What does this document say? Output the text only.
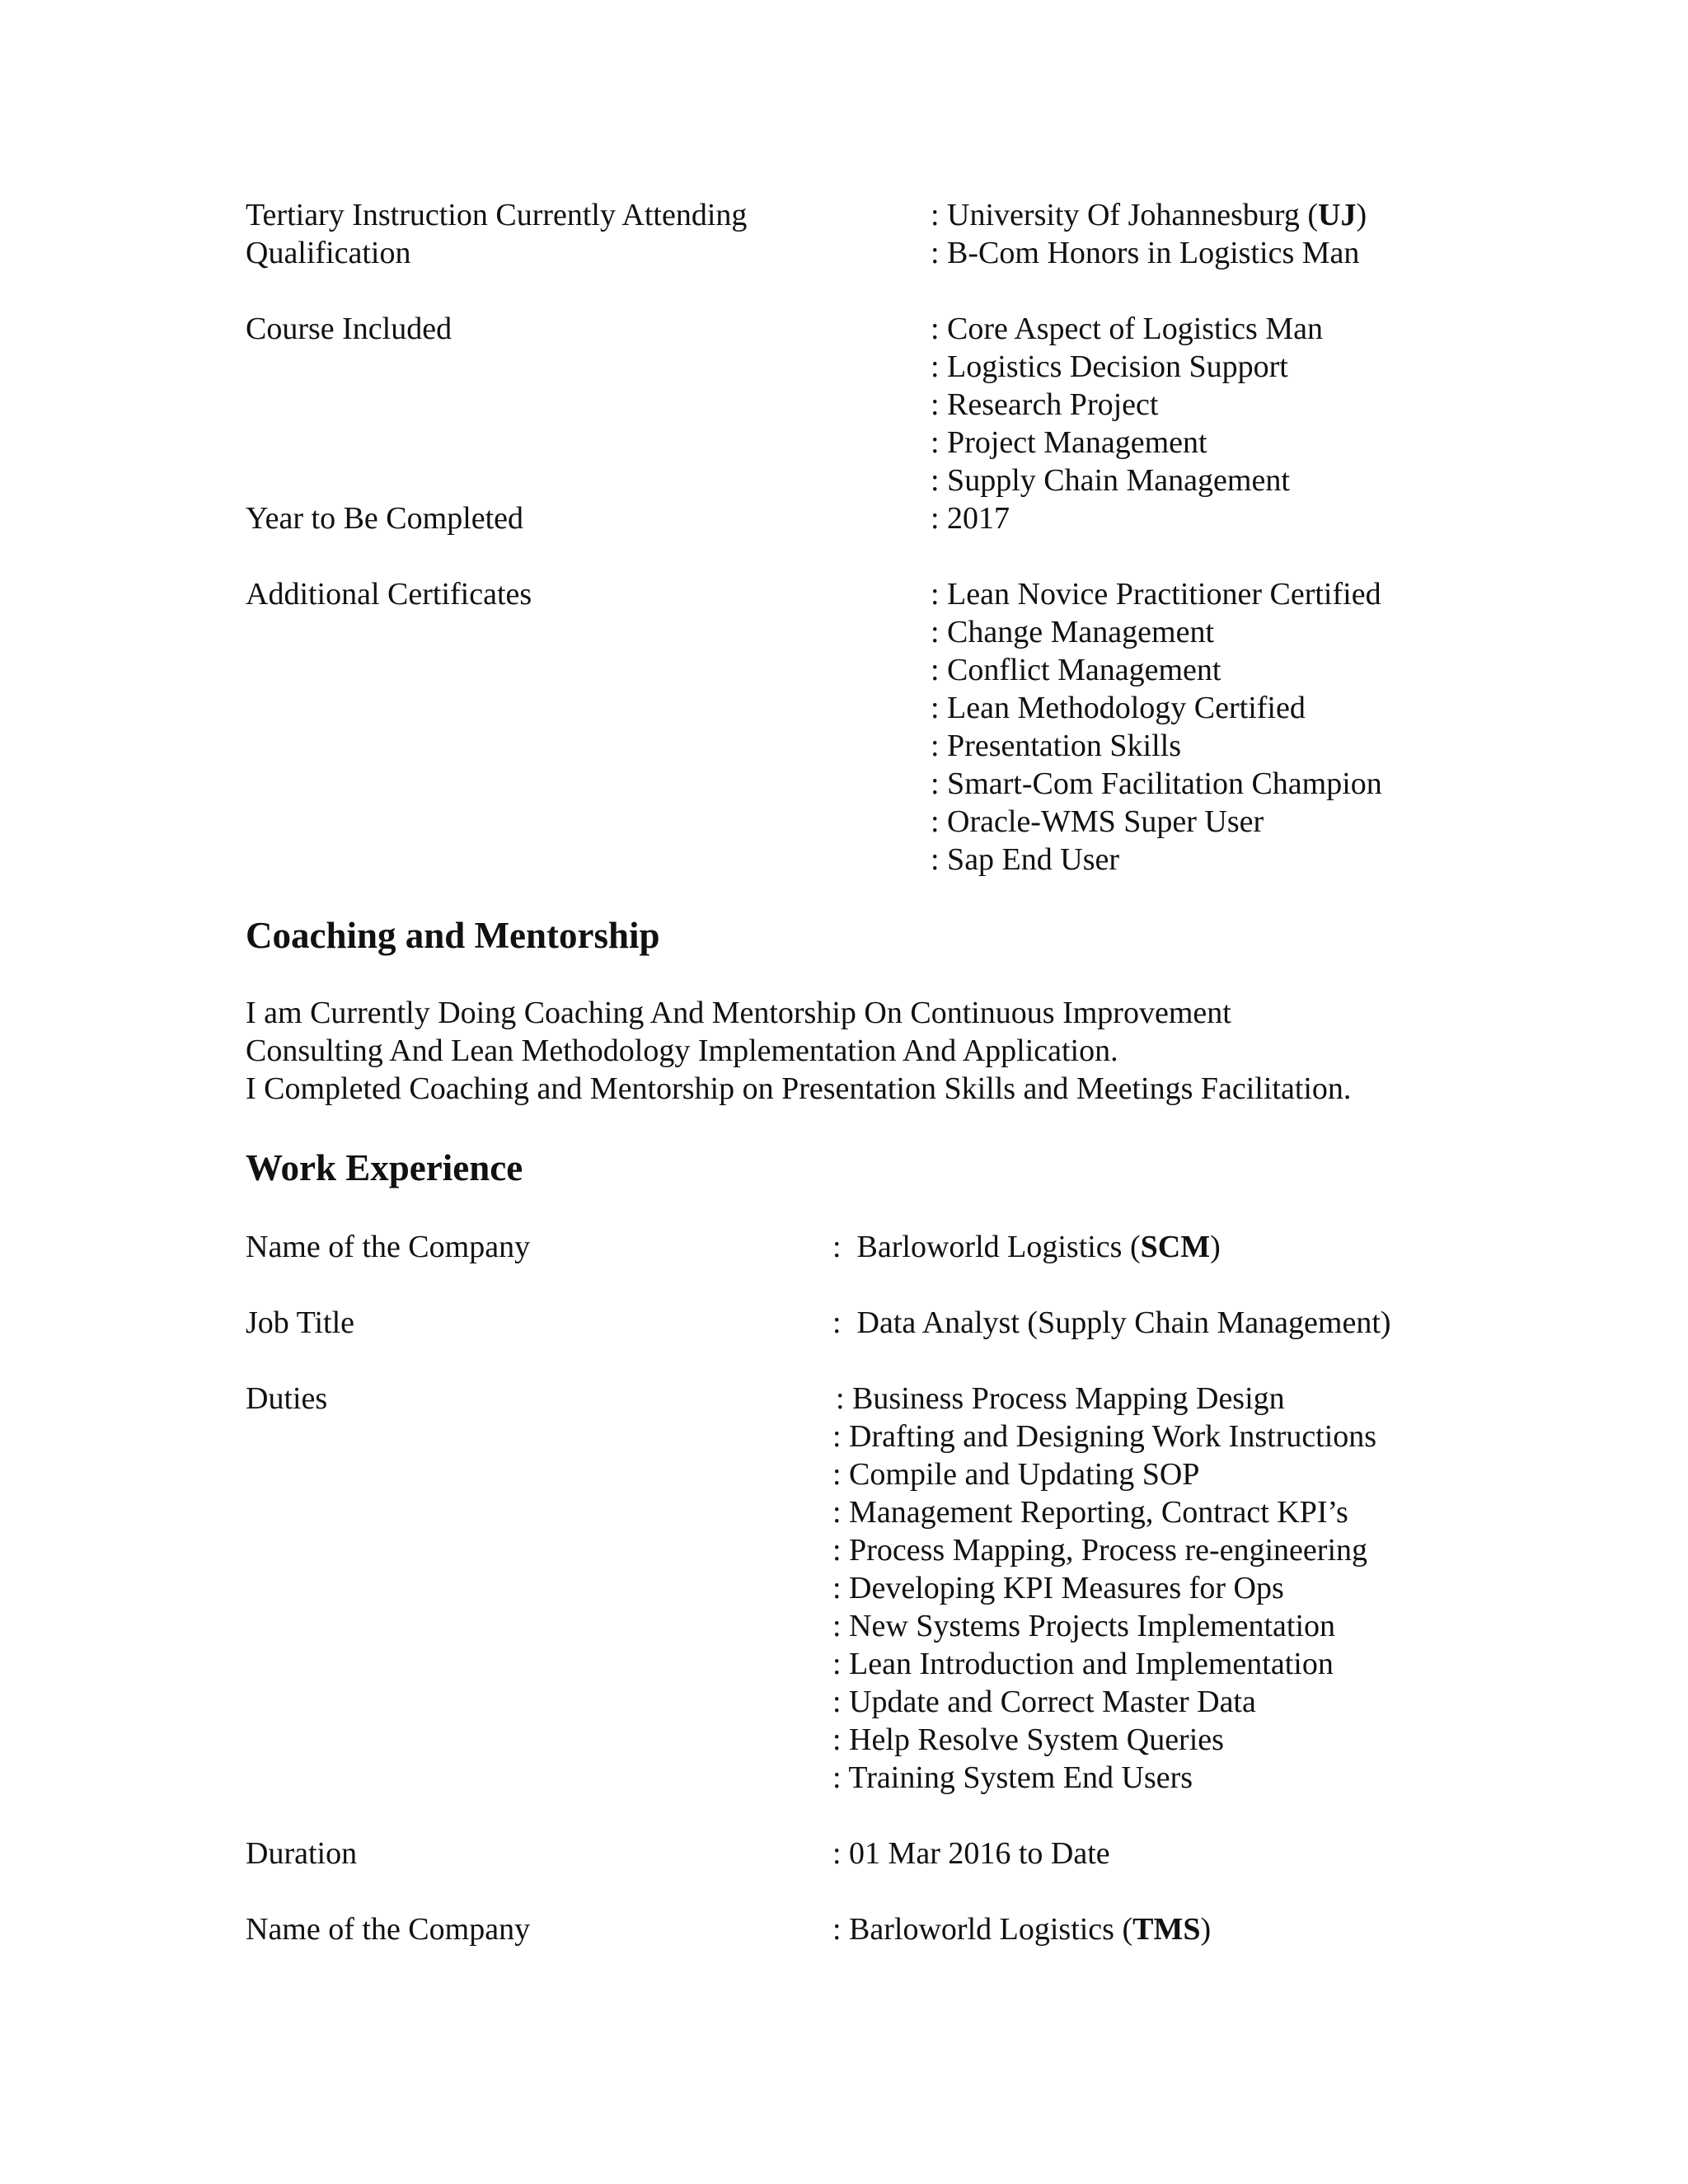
Tertiary Instruction Currently Attending	: University Of Johannesburg (UJ)
Qualification	: B-Com Honors in Logistics Man
Course Included	: Core Aspect of Logistics Man
: Logistics Decision Support
: Research Project
: Project Management
: Supply Chain Management
Year to Be Completed	: 2017
Additional Certificates	: Lean Novice Practitioner Certified
: Change Management
: Conflict Management
: Lean Methodology Certified
: Presentation Skills
: Smart-Com Facilitation Champion
: Oracle-WMS Super User
: Sap End User
Coaching and Mentorship
I am Currently Doing Coaching And Mentorship On Continuous Improvement
Consulting And Lean Methodology Implementation And Application.
I Completed Coaching and Mentorship on Presentation Skills and Meetings Facilitation.
Work Experience
Name of the Company	:  Barloworld Logistics (SCM)
Job Title	:  Data Analyst (Supply Chain Management)
Duties	: Business Process Mapping Design
: Drafting and Designing Work Instructions
: Compile and Updating SOP
: Management Reporting, Contract KPI’s
: Process Mapping, Process re-engineering
: Developing KPI Measures for Ops
: New Systems Projects Implementation
: Lean Introduction and Implementation
: Update and Correct Master Data
: Help Resolve System Queries
: Training System End Users
Duration	: 01 Mar 2016 to Date
Name of the Company	: Barloworld Logistics (TMS)
